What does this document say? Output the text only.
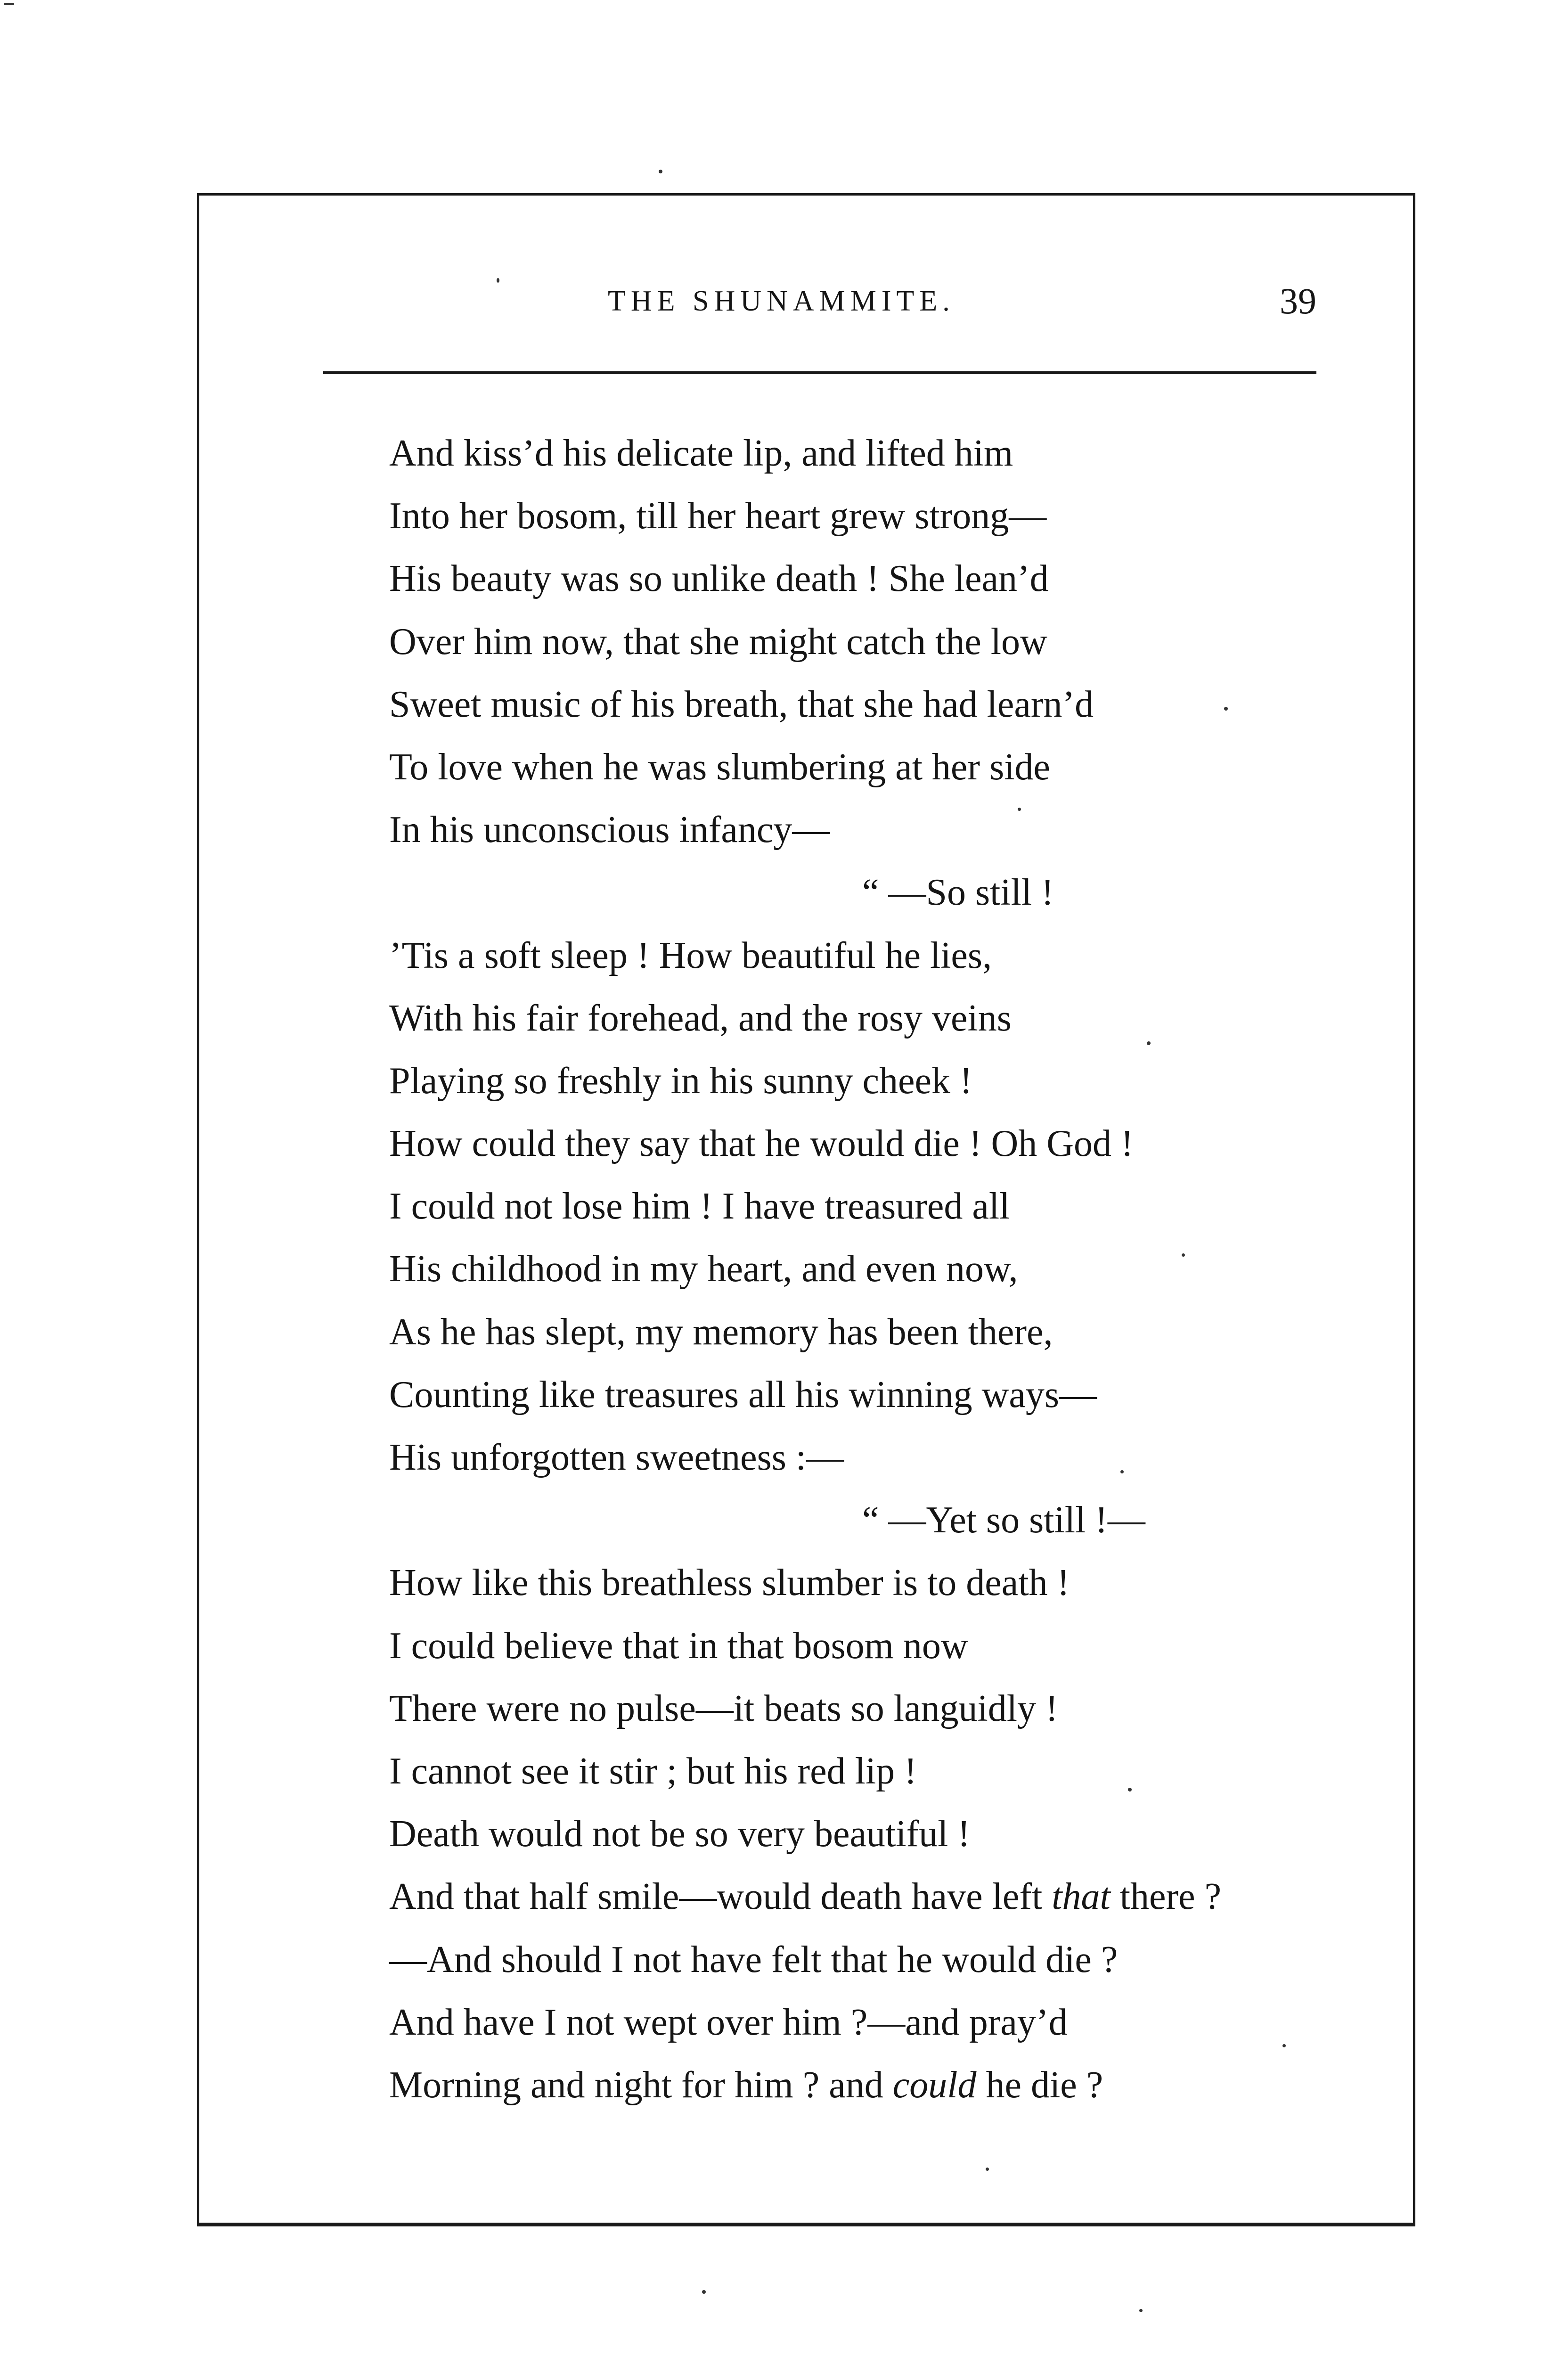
THE SHUNAMMITE.	39
And kiss’d his delicate lip, and lifted him
Into her bosom, till her heart grew strong—
His beauty was so unlike death ! She lean’d
Over him now, that she might catch the low
Sweet music of his breath, that she had learn’d
To love when he was slumbering at her side
In his unconscious infancy—
“ —So still !
’Tis a soft sleep ! How beautiful he lies,
With his fair forehead, and the rosy veins
Playing so freshly in his sunny cheek !
How could they say that he would die ! Oh God !
I could not lose him ! I have treasured all
His childhood in my heart, and even now,
As he has slept, my memory has been there,
Counting like treasures all his winning ways—
His unforgotten sweetness :—
“ —Yet so still !—
How like this breathless slumber is to death !
I could believe that in that bosom now
There were no pulse—it beats so languidly !
I cannot see it stir ; but his red lip !
Death would not be so very beautiful !
And that half smile—would death have left that there ?
—And should I not have felt that he would die ?
And have I not wept over him ?—and pray’d
Morning and night for him ? and could he die ?
